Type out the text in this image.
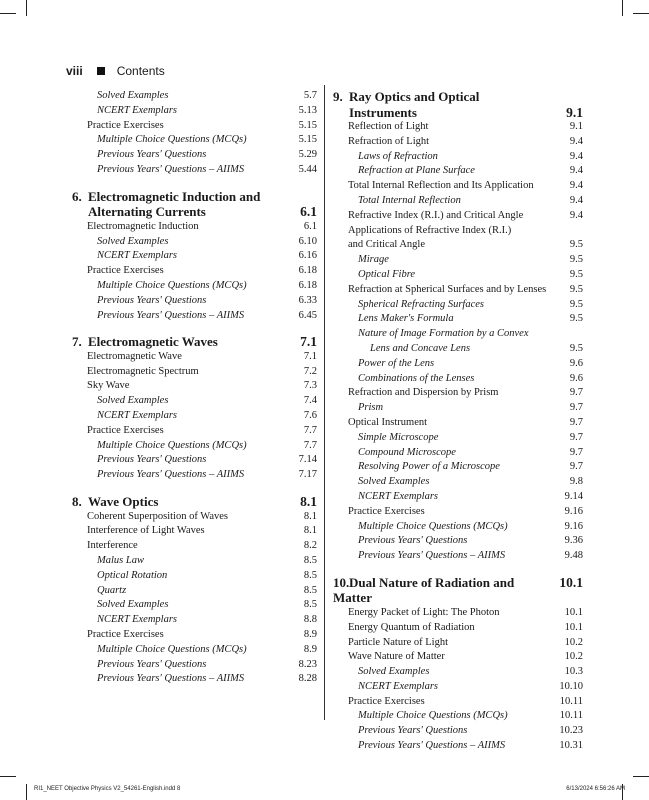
viii	Contents
Solved Examples	5.7
NCERT Exemplars	5.13
Practice Exercises	5.15
Multiple Choice Questions (MCQs)	5.15
Previous Years' Questions	5.29
Previous Years' Questions – AIIMS	5.44
6. Electromagnetic Induction and
Alternating Currents	6.1
Electromagnetic Induction	6.1
Solved Examples	6.10
NCERT Exemplars	6.16
Practice Exercises	6.18
Multiple Choice Questions (MCQs)	6.18
Previous Years' Questions	6.33
Previous Years' Questions – AIIMS	6.45
7. Electromagnetic Waves	7.1
Electromagnetic Wave	7.1
Electromagnetic Spectrum	7.2
Sky Wave	7.3
Solved Examples	7.4
NCERT Exemplars	7.6
Practice Exercises	7.7
Multiple Choice Questions (MCQs)	7.7
Previous Years' Questions	7.14
Previous Years' Questions – AIIMS	7.17
8. Wave Optics	8.1
Coherent Superposition of Waves	8.1
Interference of Light Waves	8.1
Interference	8.2
Malus Law	8.5
Optical Rotation	8.5
Quartz	8.5
Solved Examples	8.5
NCERT Exemplars	8.8
Practice Exercises	8.9
Multiple Choice Questions (MCQs)	8.9
Previous Years' Questions	8.23
Previous Years' Questions – AIIMS	8.28
9. Ray Optics and Optical
Instruments	9.1
Reflection of Light	9.1
Refraction of Light	9.4
Laws of Refraction	9.4
Refraction at Plane Surface	9.4
Total Internal Reflection and Its Application	9.4
Total Internal Reflection	9.4
Refractive Index (R.I.) and Critical Angle	9.4
Applications of Refractive Index (R.I.)
and Critical Angle	9.5
Mirage	9.5
Optical Fibre	9.5
Refraction at Spherical Surfaces and by Lenses	9.5
Spherical Refracting Surfaces	9.5
Lens Maker's Formula	9.5
Nature of Image Formation by a Convex
Lens and Concave Lens	9.5
Power of the Lens	9.6
Combinations of the Lenses	9.6
Refraction and Dispersion by Prism	9.7
Prism	9.7
Optical Instrument	9.7
Simple Microscope	9.7
Compound Microscope	9.7
Resolving Power of a Microscope	9.7
Solved Examples	9.8
NCERT Exemplars	9.14
Practice Exercises	9.16
Multiple Choice Questions (MCQs)	9.16
Previous Years' Questions	9.36
Previous Years' Questions – AIIMS	9.48
10.Dual Nature of Radiation and Matter
10.1
Energy Packet of Light: The Photon	10.1
Energy Quantum of Radiation	10.1
Particle Nature of Light	10.2
Wave Nature of Matter	10.2
Solved Examples	10.3
NCERT Exemplars	10.10
Practice Exercises	10.11
Multiple Choice Questions (MCQs)	10.11
Previous Years' Questions	10.23
Previous Years' Questions – AIIMS	10.31
RI1_NEET Objective Physics V2_54261-English.indd 8	6/13/2024 6:56:26 AM
